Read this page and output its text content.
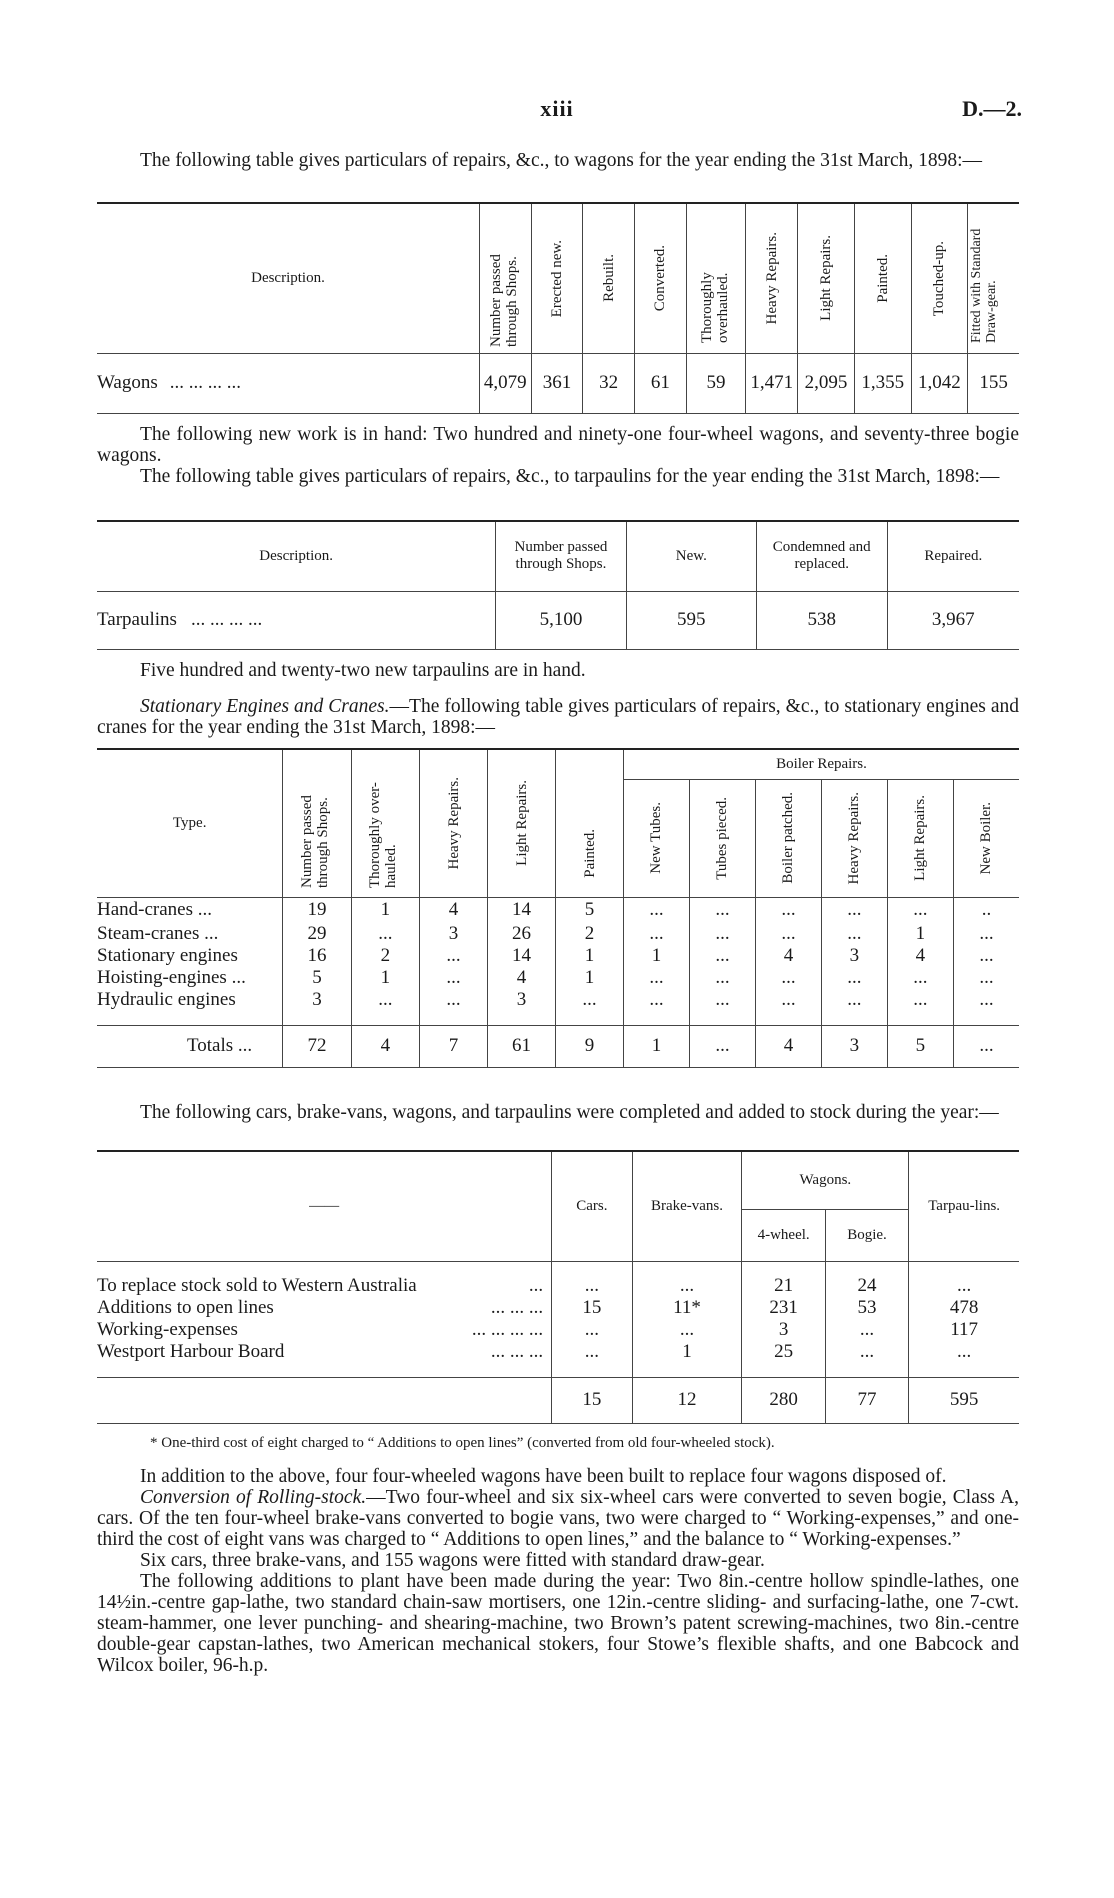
xiii	D.—2.

The following table gives particulars of repairs, &c., to wagons for the year ending the 31st March, 1898:—

Description.	Number passed through Shops.	Erected new.	Rebuilt.	Converted.	Thoroughly overhauled.	Heavy Repairs.	Light Repairs.	Painted.	Touched-up.	Fitted with Standard Draw-gear.

Wagons ... ... ... ...	4,079	361	32	61	59	1,471	2,095	1,355	1,042	155

The following new work is in hand: Two hundred and ninety-one four-wheel wagons, and seventy-three bogie wagons.

The following table gives particulars of repairs, &c., to tarpaulins for the year ending the 31st March, 1898:—

Description.	Number passed through Shops.	New.	Condemned and replaced.	Repaired.
Tarpaulins ... ... ... ...	5,100	595	538	3,967

Five hundred and twenty-two new tarpaulins are in hand.

Stationary Engines and Cranes.—The following table gives particulars of repairs, &c., to stationary engines and cranes for the year ending the 31st March, 1898:—

Type.	Number passed through Shops.	Thoroughly over-hauled.	Heavy Repairs.	Light Repairs.	Painted.	Boiler Repairs.					

						New Tubes.	Tubes pieced.	Boiler patched.	Heavy Repairs.	Light Repairs.	New Boiler.

Hand-cranes ...	19	1	4	14	5	...	...	...	...	...	..
Steam-cranes ...	29	...	3	26	2	...	...	...	...	1	...
Stationary engines	16	2	...	14	1	1	...	4	3	4	...
Hoisting-engines ...	5	1	...	4	1	...	...	...	...	...	...
Hydraulic engines	3	...	...	3	...	...	...	...	...	...	...

Totals ...	72	4	7	61	9	1	...	4	3	5	...

The following cars, brake-vans, wagons, and tarpaulins were completed and added to stock during the year:—

——	Cars.	Brake-vans.	Wagons.		Tarpau-lins.
			4-wheel.	Bogie.	

To replace stock sold to Western Australia ...	...	...	21	24	...
Additions to open lines ... ... ...	15	11*	231	53	478
Working-expenses ... ... ... ...	...	...	3	...	117
Westport Harbour Board ... ... ...	...	1	25	...	...

	15	12	280	77	595
* One-third cost of eight charged to “ Additions to open lines” (converted from old four-wheeled stock).

In addition to the above, four four-wheeled wagons have been built to replace four wagons disposed of.

Conversion of Rolling-stock.—Two four-wheel and six six-wheel cars were converted to seven bogie, Class A, cars. Of the ten four-wheel brake-vans converted to bogie vans, two were charged to “ Working-expenses,” and one-third the cost of eight vans was charged to “ Additions to open lines,” and the balance to “ Working-expenses.”

Six cars, three brake-vans, and 155 wagons were fitted with standard draw-gear.

The following additions to plant have been made during the year: Two 8in.-centre hollow spindle-lathes, one 14½in.-centre gap-lathe, two standard chain-saw mortisers, one 12in.-centre sliding- and surfacing-lathe, one 7-cwt. steam-hammer, one lever punching- and shearing-machine, two Brown’s patent screwing-machines, two 8in.-centre double-gear capstan-lathes, two American mechanical stokers, four Stowe’s flexible shafts, and one Babcock and Wilcox boiler, 96-h.p.
